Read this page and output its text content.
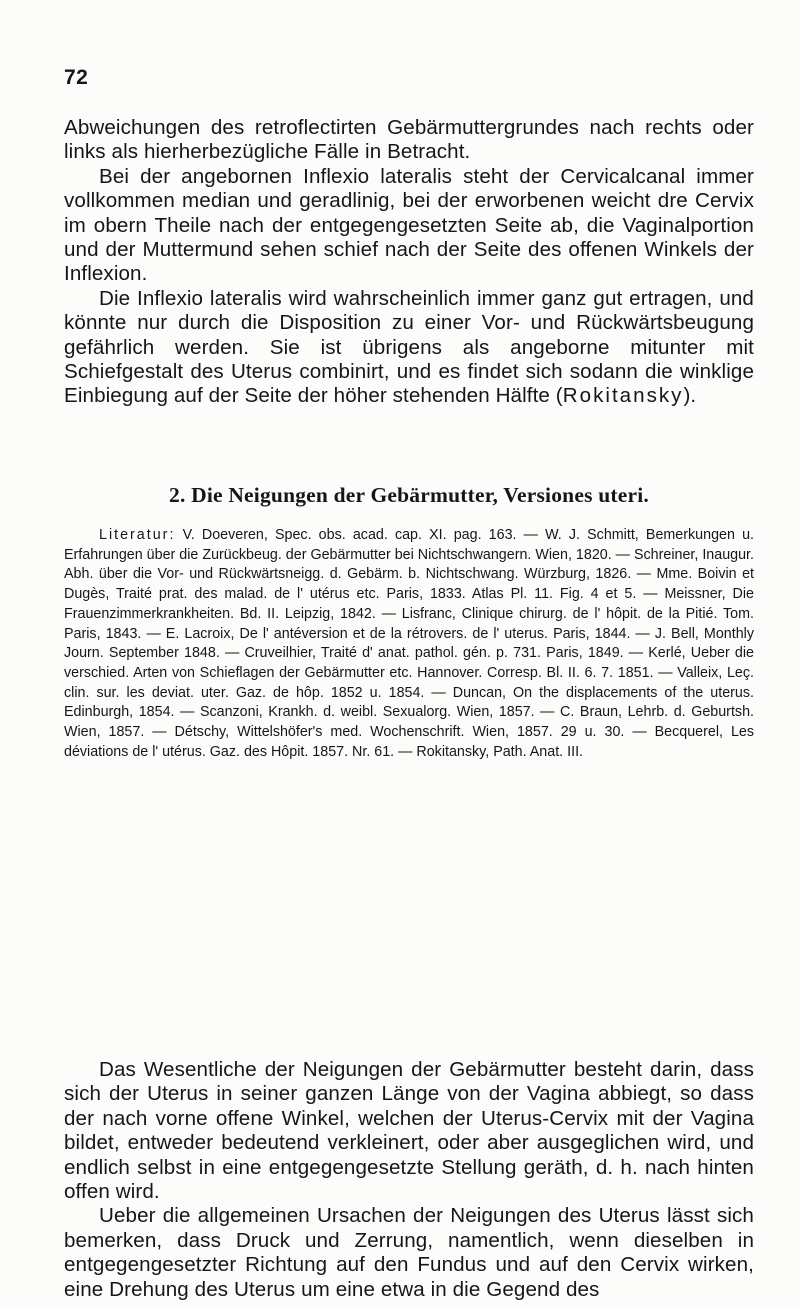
72

Abweichungen des retroflectirten Gebärmuttergrundes nach rechts oder links als hierherbezügliche Fälle in Betracht.

Bei der angebornen Inflexio lateralis steht der Cervicalcanal immer vollkommen median und geradlinig, bei der erworbenen weicht dre Cervix im obern Theile nach der entgegengesetzten Seite ab, die Vaginalportion und der Muttermund sehen schief nach der Seite des offenen Winkels der Inflexion.

Die Inflexio lateralis wird wahrscheinlich immer ganz gut ertragen, und könnte nur durch die Disposition zu einer Vor- und Rückwärtsbeugung gefährlich werden. Sie ist übrigens als angeborne mitunter mit Schiefgestalt des Uterus combinirt, und es findet sich sodann die winklige Einbiegung auf der Seite der höher stehenden Hälfte (Rokitansky).

2. Die Neigungen der Gebärmutter, Versiones uteri.

Literatur: V. Doeveren, Spec. obs. acad. cap. XI. pag. 163. — W. J. Schmitt, Bemerkungen u. Erfahrungen über die Zurückbeug. der Gebärmutter bei Nichtschwangern. Wien, 1820. — Schreiner, Inaugur. Abh. über die Vor- und Rückwärtsneigg. d. Gebärm. b. Nichtschwang. Würzburg, 1826. — Mme. Boivin et Dugès, Traité prat. des malad. de l' utérus etc. Paris, 1833. Atlas Pl. 11. Fig. 4 et 5. — Meissner, Die Frauenzimmerkrankheiten. Bd. II. Leipzig, 1842. — Lisfranc, Clinique chirurg. de l' hôpit. de la Pitié. Tom. Paris, 1843. — E. Lacroix, De l' antéversion et de la rétrovers. de l' uterus. Paris, 1844. — J. Bell, Monthly Journ. September 1848. — Cruveilhier, Traité d' anat. pathol. gén. p. 731. Paris, 1849. — Kerlé, Ueber die verschied. Arten von Schieflagen der Gebärmutter etc. Hannover. Corresp. Bl. II. 6. 7. 1851. — Valleix, Leç. clin. sur. les deviat. uter. Gaz. de hôp. 1852 u. 1854. — Duncan, On the displacements of the uterus. Edinburgh, 1854. — Scanzoni, Krankh. d. weibl. Sexualorg. Wien, 1857. — C. Braun, Lehrb. d. Geburtsh. Wien, 1857. — Détschy, Wittelshöfer's med. Wochenschrift. Wien, 1857. 29 u. 30. — Becquerel, Les déviations de l' utérus. Gaz. des Hôpit. 1857. Nr. 61. — Rokitansky, Path. Anat. III.

Das Wesentliche der Neigungen der Gebärmutter besteht darin, dass sich der Uterus in seiner ganzen Länge von der Vagina abbiegt, so dass der nach vorne offene Winkel, welchen der Uterus-Cervix mit der Vagina bildet, entweder bedeutend verkleinert, oder aber ausgeglichen wird, und endlich selbst in eine entgegengesetzte Stellung geräth, d. h. nach hinten offen wird.

Ueber die allgemeinen Ursachen der Neigungen des Uterus lässt sich bemerken, dass Druck und Zerrung, namentlich, wenn dieselben in entgegengesetzter Richtung auf den Fundus und auf den Cervix wirken, eine Drehung des Uterus um eine etwa in die Gegend des
